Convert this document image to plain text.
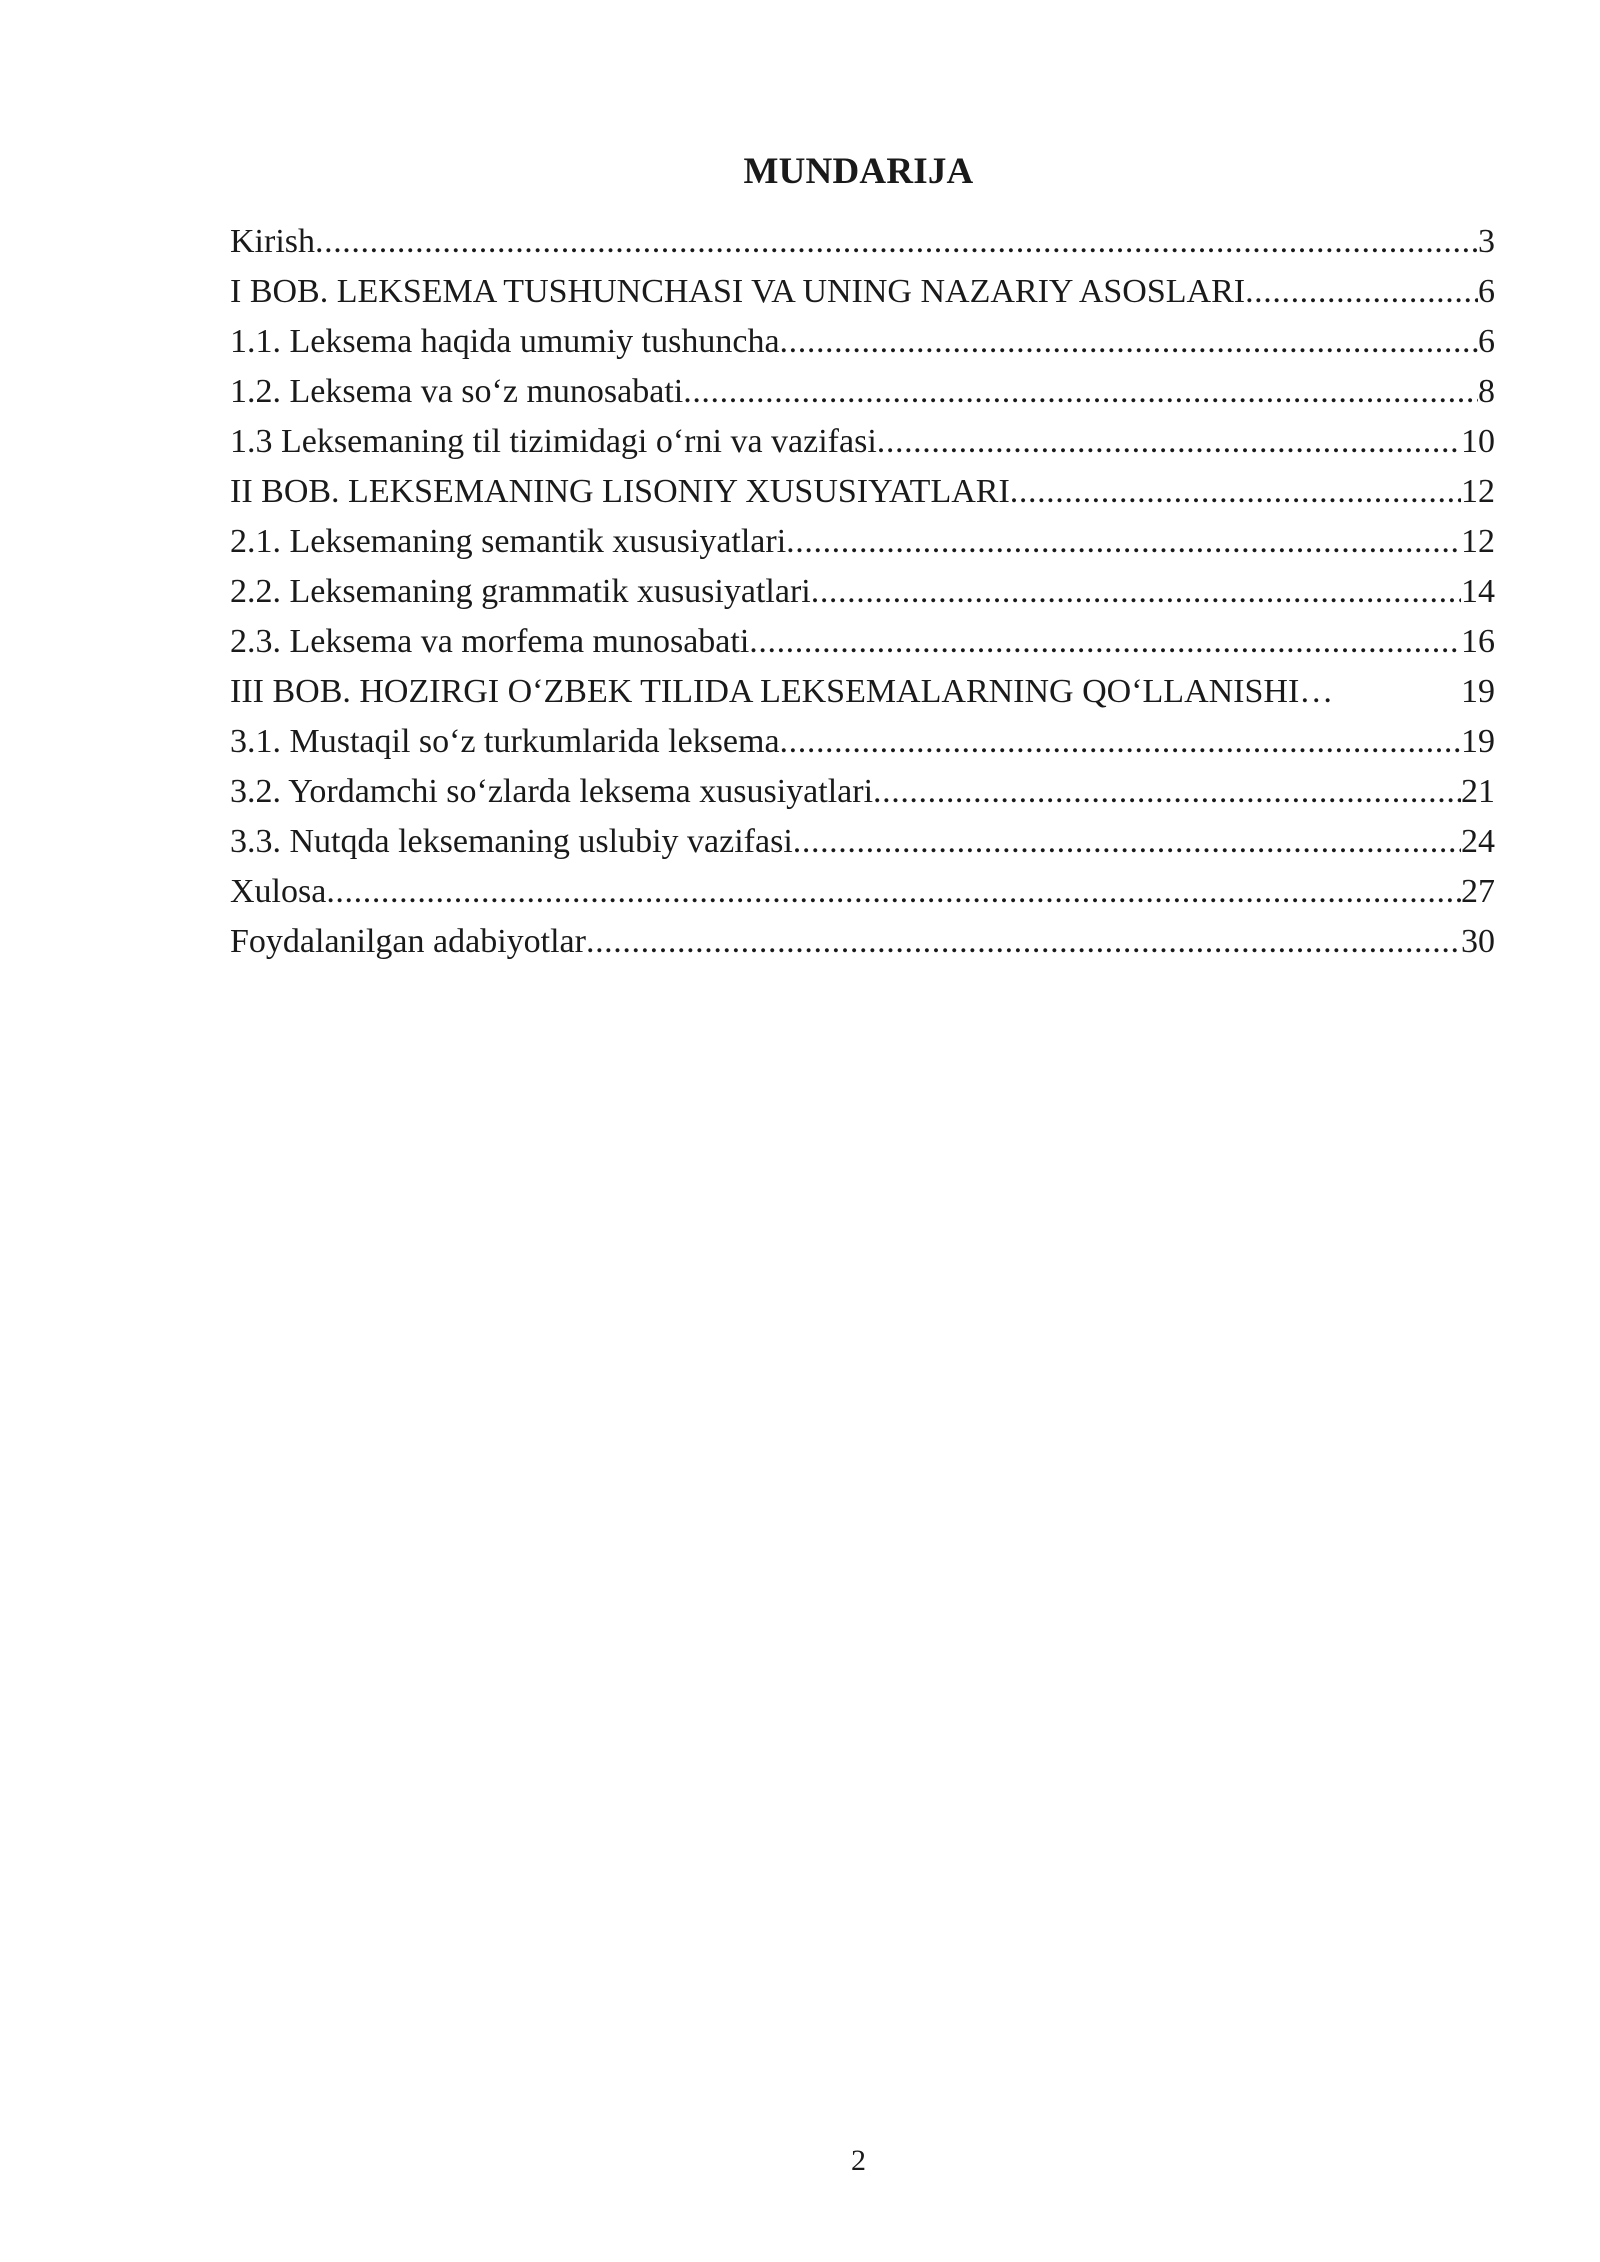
MUNDARIJA
Kirish .....	3
I BOB. LEKSEMA TUSHUNCHASI VA UNING NAZARIY ASOSLARI .....	6
1.1. Leksema haqida umumiy tushuncha .....	6
1.2. Leksema va so‘z munosabati .....	8
1.3 Leksemaning til tizimidagi o‘rni va vazifasi .....	10
II BOB. LEKSEMANING LISONIY XUSUSIYATLARI .....	12
2.1. Leksemaning semantik xususiyatlari .....	12
2.2. Leksemaning grammatik xususiyatlari .....	14
2.3. Leksema va morfema munosabati .....	16
III BOB. HOZIRGI O‘ZBEK TILIDA LEKSEMALARNING QO‘LLANISHI …	19
3.1. Mustaqil so‘z turkumlarida leksema .....	19
3.2. Yordamchi so‘zlarda leksema xususiyatlari .....	21
3.3. Nutqda leksemaning uslubiy vazifasi .....	24
Xulosa .....	27
Foydalanilgan adabiyotlar .....	30
2
